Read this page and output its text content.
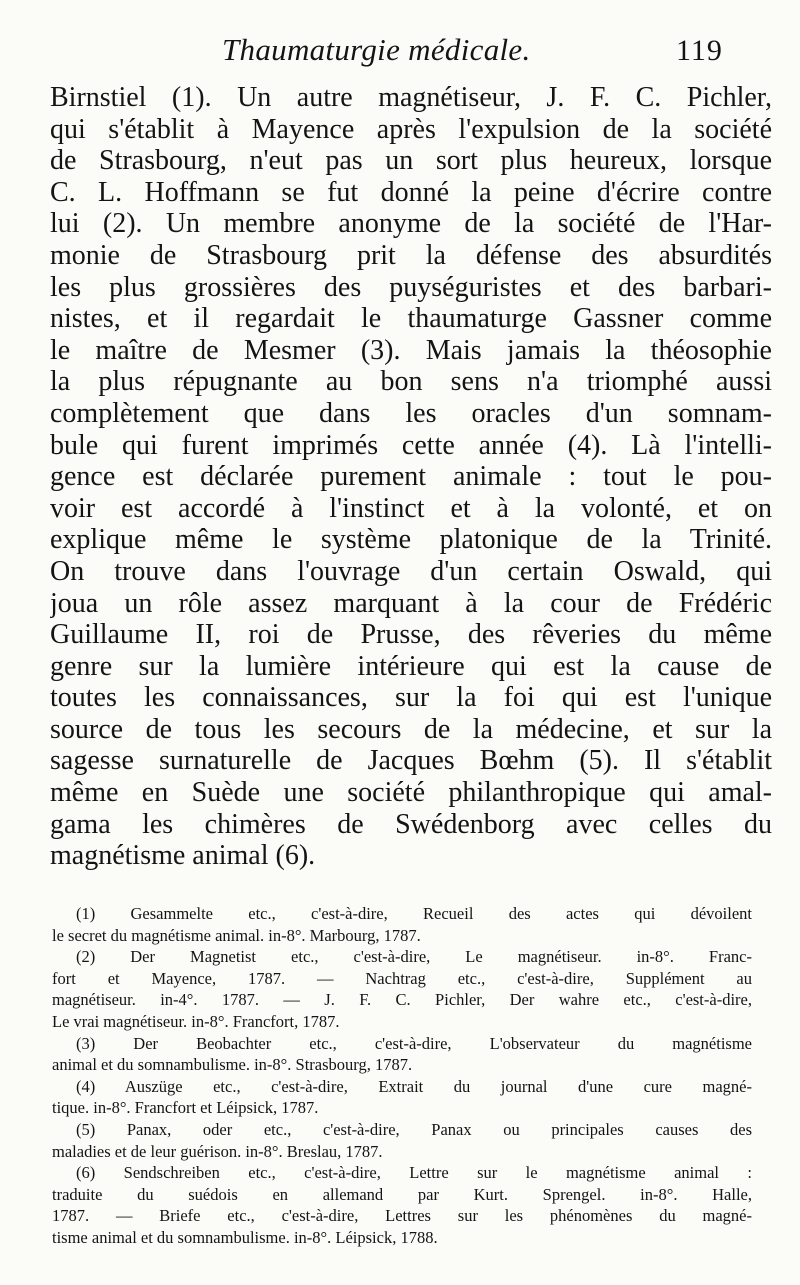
Thaumaturgie médicale.	119
Birnstiel (1). Un autre magnétiseur, J. F. C. Pichler,
qui s'établit à Mayence après l'expulsion de la société
de Strasbourg, n'eut pas un sort plus heureux, lorsque
C. L. Hoffmann se fut donné la peine d'écrire contre
lui (2). Un membre anonyme de la société de l'Har-
monie de Strasbourg prit la défense des absurdités
les plus grossières des puységuristes et des barbari-
nistes, et il regardait le thaumaturge Gassner comme
le maître de Mesmer (3). Mais jamais la théosophie
la plus répugnante au bon sens n'a triomphé aussi
complètement que dans les oracles d'un somnam-
bule qui furent imprimés cette année (4). Là l'intelli-
gence est déclarée purement animale : tout le pou-
voir est accordé à l'instinct et à la volonté, et on
explique même le système platonique de la Trinité.
On trouve dans l'ouvrage d'un certain Oswald, qui
joua un rôle assez marquant à la cour de Frédéric
Guillaume II, roi de Prusse, des rêveries du même
genre sur la lumière intérieure qui est la cause de
toutes les connaissances, sur la foi qui est l'unique
source de tous les secours de la médecine, et sur la
sagesse surnaturelle de Jacques Bœhm (5). Il s'établit
même en Suède une société philanthropique qui amal-
gama les chimères de Swédenborg avec celles du
magnétisme animal (6).
(1) Gesammelte etc., c'est-à-dire, Recueil des actes qui dévoilent
le secret du magnétisme animal. in-8°. Marbourg, 1787.
(2) Der Magnetist etc., c'est-à-dire, Le magnétiseur. in-8°. Franc-
fort et Mayence, 1787. — Nachtrag etc., c'est-à-dire, Supplément au
magnétiseur. in-4°. 1787. — J. F. C. Pichler, Der wahre etc., c'est-à-dire,
Le vrai magnétiseur. in-8°. Francfort, 1787.
(3) Der Beobachter etc., c'est-à-dire, L'observateur du magnétisme
animal et du somnambulisme. in-8°. Strasbourg, 1787.
(4) Auszüge etc., c'est-à-dire, Extrait du journal d'une cure magné-
tique. in-8°. Francfort et Léipsick, 1787.
(5) Panax, oder etc., c'est-à-dire, Panax ou principales causes des
maladies et de leur guérison. in-8°. Breslau, 1787.
(6) Sendschreiben etc., c'est-à-dire, Lettre sur le magnétisme animal :
traduite du suédois en allemand par Kurt. Sprengel. in-8°. Halle,
1787. — Briefe etc., c'est-à-dire, Lettres sur les phénomènes du magné-
tisme animal et du somnambulisme. in-8°. Léipsick, 1788.
